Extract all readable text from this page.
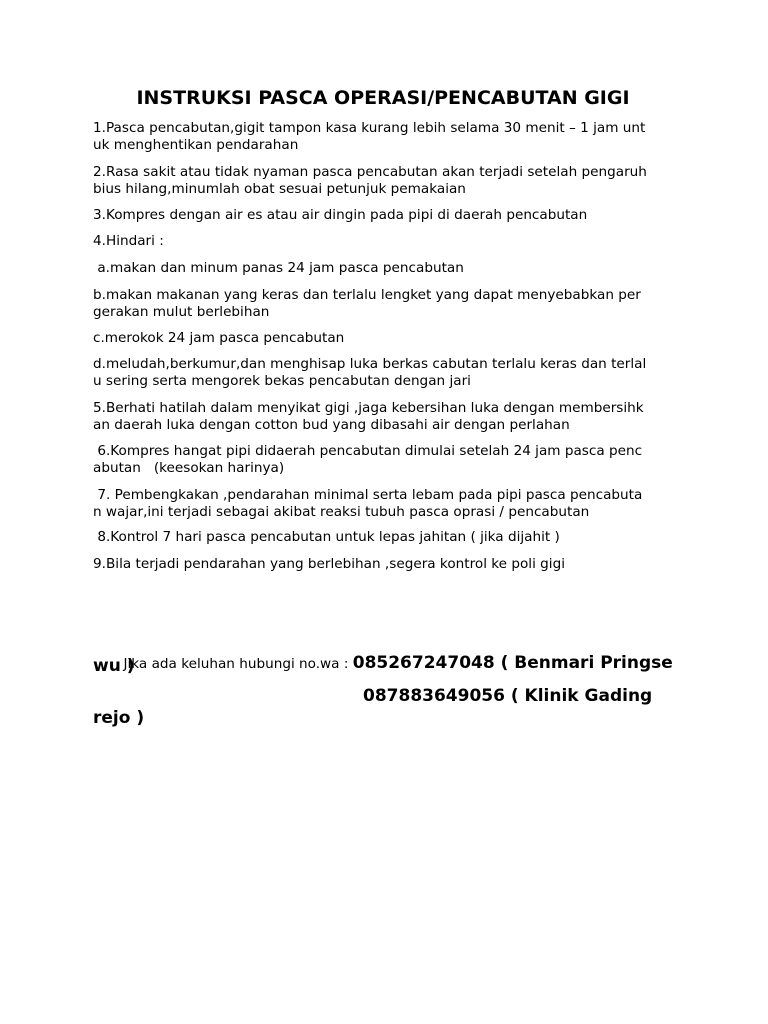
INSTRUKSI PASCA OPERASI/PENCABUTAN GIGI
1.Pasca pencabutan,gigit tampon kasa kurang lebih selama 30 menit – 1 jam unt
uk menghentikan pendarahan
2.Rasa sakit atau tidak nyaman pasca pencabutan akan terjadi setelah pengaruh
bius hilang,minumlah obat sesuai petunjuk pemakaian
3.Kompres dengan air es atau air dingin pada pipi di daerah pencabutan
4.Hindari :
a.makan dan minum panas 24 jam pasca pencabutan
b.makan makanan yang keras dan terlalu lengket yang dapat menyebabkan per
gerakan mulut berlebihan
c.merokok 24 jam pasca pencabutan
d.meludah,berkumur,dan menghisap luka berkas cabutan terlalu keras dan terlal
u sering serta mengorek bekas pencabutan dengan jari
5.Berhati hatilah dalam menyikat gigi ,jaga kebersihan luka dengan membersihk
an daerah luka dengan cotton bud yang dibasahi air dengan perlahan
6.Kompres hangat pipi didaerah pencabutan dimulai setelah 24 jam pasca penc
abutan   (keesokan harinya)
7. Pembengkakan ,pendarahan minimal serta lebam pada pipi pasca pencabuta
n wajar,ini terjadi sebagai akibat reaksi tubuh pasca oprasi / pencabutan
8.Kontrol 7 hari pasca pencabutan untuk lepas jahitan ( jika dijahit )
9.Bila terjadi pendarahan yang berlebihan ,segera kontrol ke poli gigi

Jika ada keluhan hubungi no.wa : 085267247048 ( Benmari Pringse

wu )
087883649056 ( Klinik Gading
rejo )
